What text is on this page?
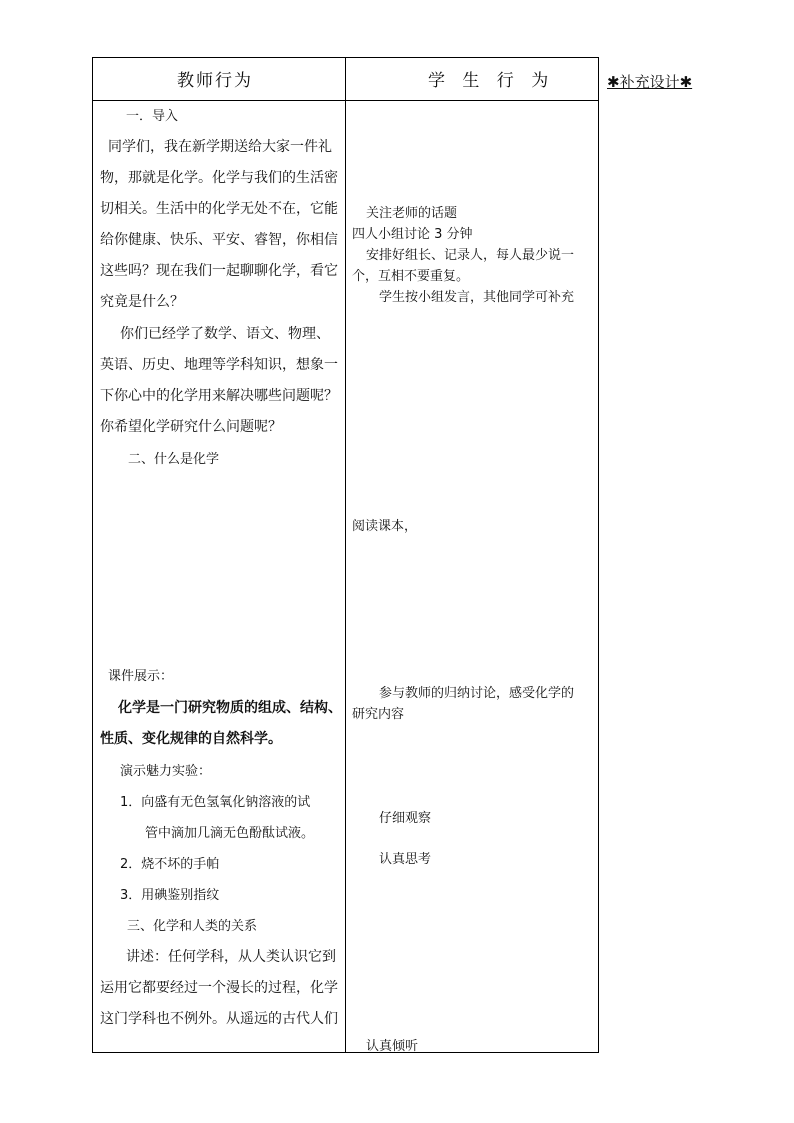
教师行为	学 生 行 为	✱补充设计✱
一．导入
同学们，我在新学期送给大家一件礼
物，那就是化学。化学与我们的生活密
切相关。生活中的化学无处不在，它能
给你健康、快乐、平安、睿智，你相信
这些吗？现在我们一起聊聊化学，看它
究竟是什么？
你们已经学了数学、语文、物理、
英语、历史、地理等学科知识，想象一
下你心中的化学用来解决哪些问题呢？
你希望化学研究什么问题呢？
二、什么是化学
课件展示：
化学是一门研究物质的组成、结构、
性质、变化规律的自然科学。
演示魅力实验：
1．向盛有无色氢氧化钠溶液的试
管中滴加几滴无色酚酞试液。
2．烧不坏的手帕
3．用碘鉴别指纹
三、化学和人类的关系
讲述：任何学科，从人类认识它到
运用它都要经过一个漫长的过程，化学
这门学科也不例外。从遥远的古代人们
关注老师的话题
四人小组讨论 3 分钟
安排好组长、记录人，每人最少说一
个，互相不要重复。
学生按小组发言，其他同学可补充
阅读课本，
参与教师的归纳讨论，感受化学的
研究内容
仔细观察
认真思考
认真倾听
